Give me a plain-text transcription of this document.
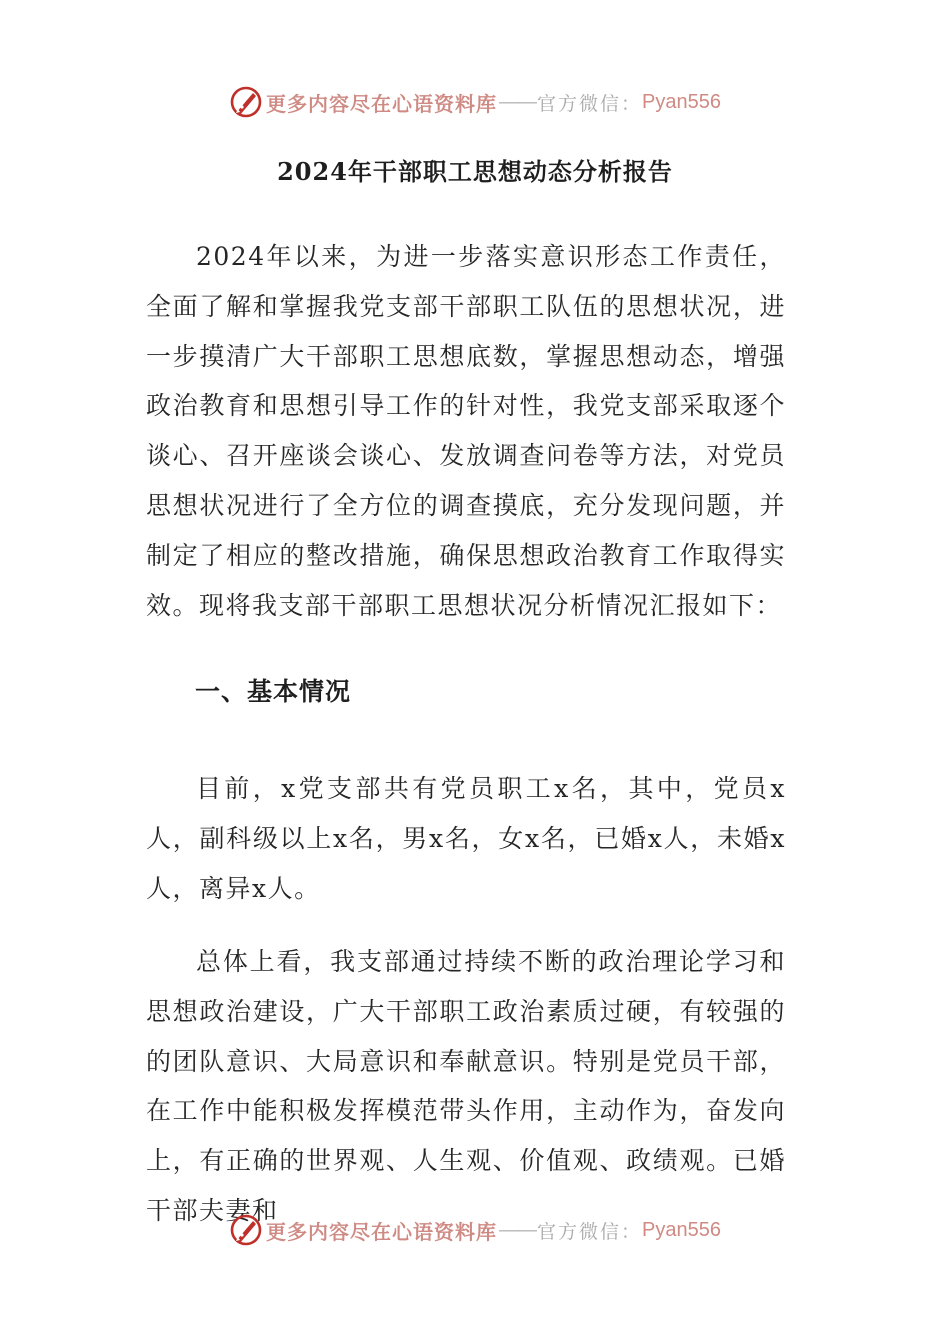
更多内容尽在心语资料库 —— 官方微信： Pyan556
2024年干部职工思想动态分析报告

2024年以来，为进一步落实意识形态工作责任，全面了解和掌握我党支部干部职工队伍的思想状况，进一步摸清广大干部职工思想底数，掌握思想动态，增强政治教育和思想引导工作的针对性，我党支部采取逐个谈心、召开座谈会谈心、发放调查问卷等方法，对党员思想状况进行了全方位的调查摸底，充分发现问题，并制定了相应的整改措施，确保思想政治教育工作取得实效。现将我支部干部职工思想状况分析情况汇报如下：

一、基本情况

目前，x党支部共有党员职工x名，其中，党员x人，副科级以上x名，男x名，女x名，已婚x人，未婚x人，离异x人。

总体上看，我支部通过持续不断的政治理论学习和思想政治建设，广大干部职工政治素质过硬，有较强的的团队意识、大局意识和奉献意识。特别是党员干部，在工作中能积极发挥模范带头作用，主动作为，奋发向上，有正确的世界观、人生观、价值观、政绩观。已婚干部夫妻和

更多内容尽在心语资料库 —— 官方微信： Pyan556
